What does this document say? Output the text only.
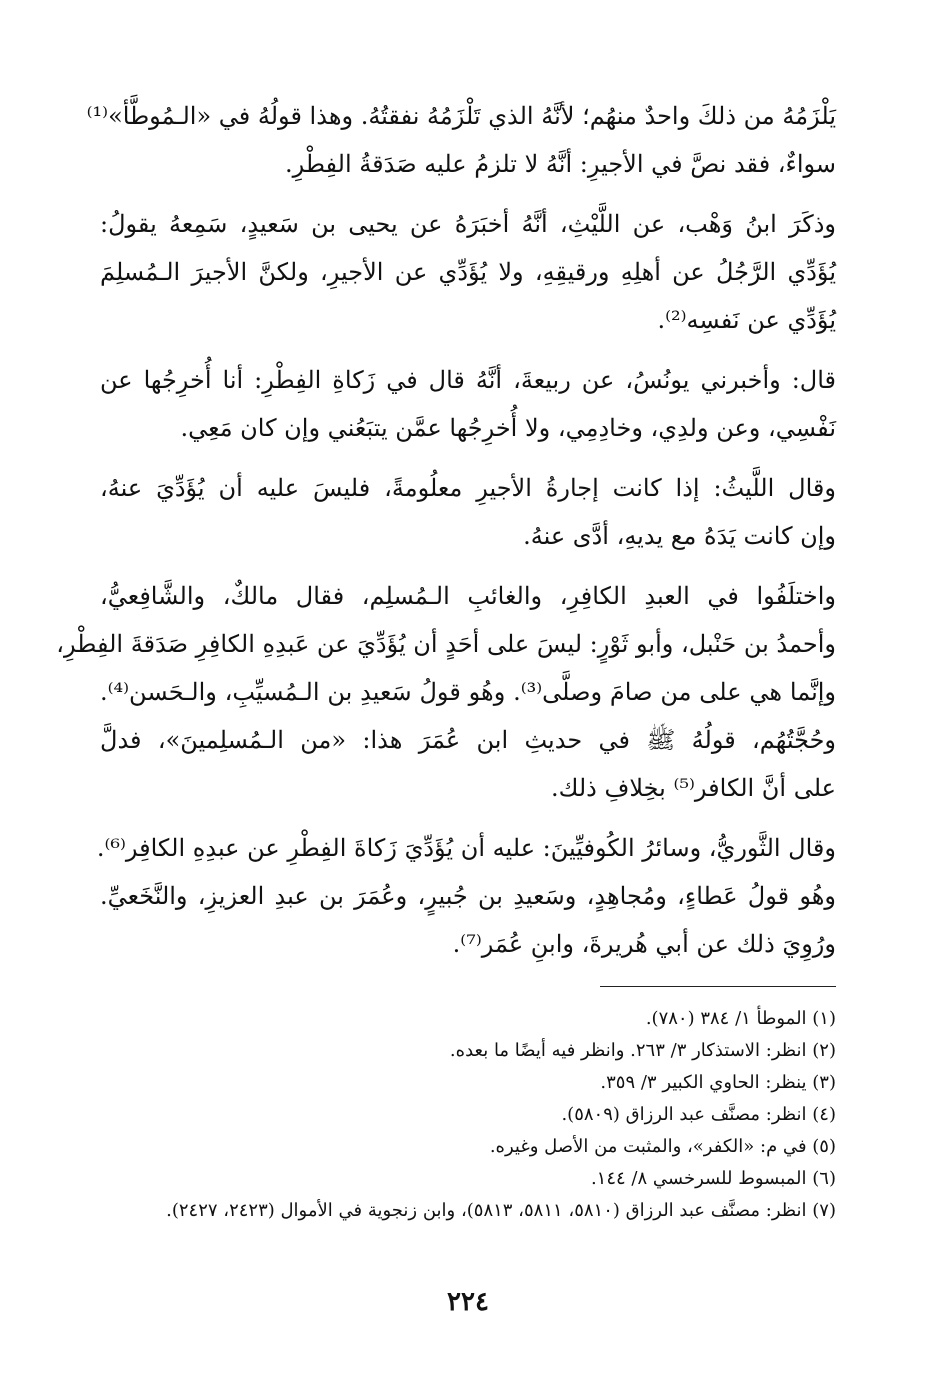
يَلْزَمُهُ من ذلكَ واحدٌ منهُم؛ لأنَّهُ الذي تَلْزَمُهُ نفقتُهُ. وهذا قولُهُ في «الـمُوطَّأ»⁽¹⁾
سواءٌ، فقد نصَّ في الأجيرِ: أنَّهُ لا تلزمُ عليه صَدَقةُ الفِطْرِ.
وذكَرَ ابنُ وَهْب، عن اللَّيْثِ، أنَّهُ أخبَرَهُ عن يحيى بن سَعيدٍ، سَمِعهُ يقولُ:
يُؤَدِّي الرَّجُلُ عن أهلِهِ ورقيقِهِ، ولا يُؤَدِّي عن الأجيرِ، ولكنَّ الأجيرَ الـمُسلِمَ
يُؤَدِّي عن نَفسِه⁽²⁾.
قال: وأخبرني يونُسُ، عن ربيعةَ، أنَّهُ قال في زَكاةِ الفِطْرِ: أنا أُخرِجُها عن
نَفْسِي، وعن ولدِي، وخادِمِي، ولا أُخرِجُها عمَّن يتبَعُني وإن كان مَعِي.
وقال اللَّيثُ: إذا كانت إجارةُ الأجيرِ معلُومةً، فليسَ عليه أن يُؤَدِّيَ عنهُ،
وإن كانت يَدَهُ مع يديهِ، أدَّى عنهُ.
واختلَفُوا في العبدِ الكافِرِ، والغائبِ الـمُسلِم، فقال مالكٌ، والشَّافِعيُّ،
وأحمدُ بن حَنْبل، وأبو ثَوْرٍ: ليسَ على أحَدٍ أن يُؤَدِّيَ عن عَبدِهِ الكافِرِ صَدَقةَ الفِطْرِ،
وإنَّما هي على من صامَ وصلَّى⁽³⁾. وهُو قولُ سَعيدِ بن الـمُسيِّبِ، والـحَسن⁽⁴⁾.
وحُجَّتُهُم، قولُهُ ﷺ في حديثِ ابن عُمَرَ هذا: «من الـمُسلِمينَ»، فدلَّ
على أنَّ الكافر⁽⁵⁾ بخِلافِ ذلك.
وقال الثَّوريُّ، وسائرُ الكُوفيِّينَ: عليه أن يُؤَدِّيَ زَكاةَ الفِطْرِ عن عبدِهِ الكافِر⁽⁶⁾.
وهُو قولُ عَطاءٍ، ومُجاهِدٍ، وسَعيدِ بن جُبيرٍ، وعُمَرَ بن عبدِ العزيزِ، والنَّخَعيِّ.
ورُوِيَ ذلك عن أبي هُريرةَ، وابنِ عُمَر⁽⁷⁾.
(١) الموطأ ١/ ٣٨٤ (٧٨٠).
(٢) انظر: الاستذكار ٣/ ٢٦٣. وانظر فيه أيضًا ما بعده.
(٣) ينظر: الحاوي الكبير ٣/ ٣٥٩.
(٤) انظر: مصنَّف عبد الرزاق (٥٨٠٩).
(٥) في م: «الكفر»، والمثبت من الأصل وغيره.
(٦) المبسوط للسرخسي ٨/ ١٤٤.
(٧) انظر: مصنَّف عبد الرزاق (٥٨١٠، ٥٨١١، ٥٨١٣)، وابن زنجوية في الأموال (٢٤٢٣، ٢٤٢٧).
٢٢٤
